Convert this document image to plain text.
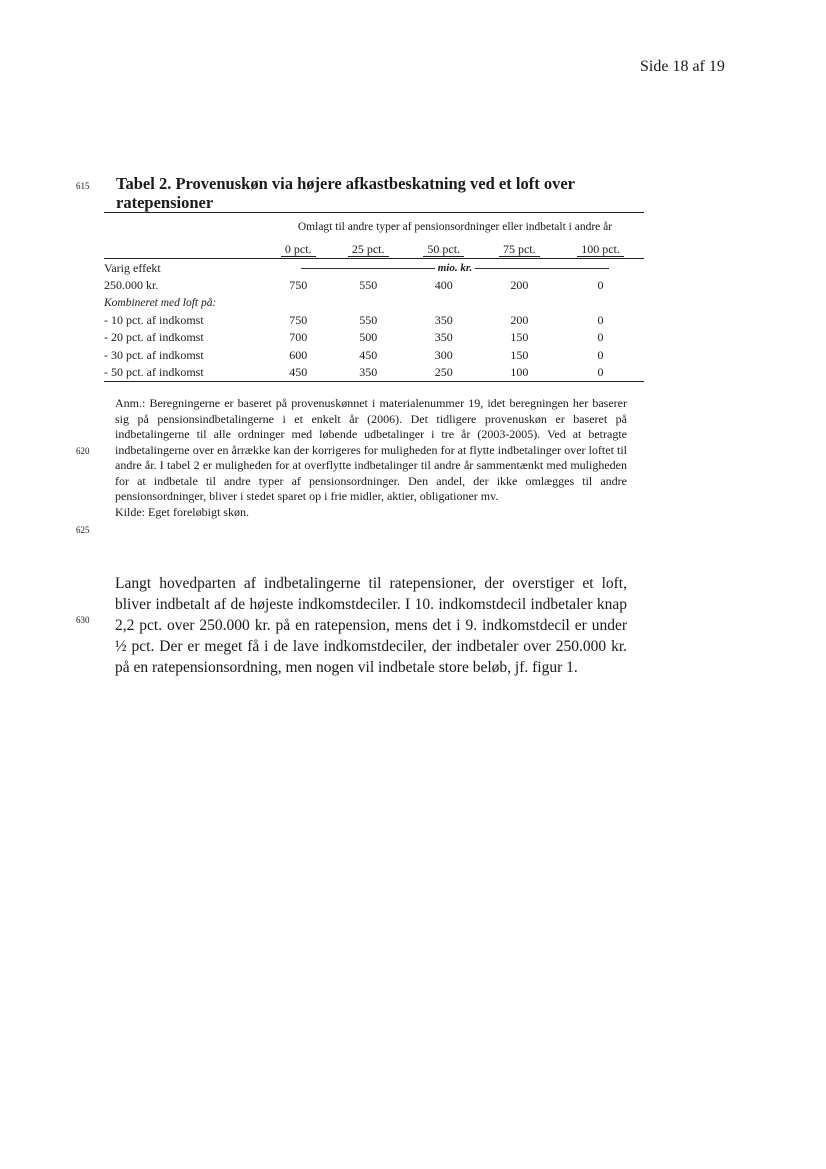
Side 18 af 19
615
620
625
630
Tabel 2. Provenuskøn via højere afkastbeskatning ved et loft over ratepensioner
	Omlagt til andre typer af pensionsordninger eller indbetalt i andre år				
	0 pct.	25 pct.	50 pct.	75 pct.	100 pct.
Varig effekt	mio. kr.				
250.000 kr.	750	550	400	200	0
Kombineret med loft på:					
- 10 pct. af indkomst	750	550	350	200	0
- 20 pct. af indkomst	700	500	350	150	0
- 30 pct. af indkomst	600	450	300	150	0
- 50 pct. af indkomst	450	350	250	100	0

Anm.: Beregningerne er baseret på provenuskønnet i materialenummer 19, idet beregningen her baserer sig på pensionsindbetalingerne i et enkelt år (2006). Det tidligere provenuskøn er baseret på indbetalingerne til alle ordninger med løbende udbetalinger i tre år (2003-2005). Ved at betragte indbetalingerne over en årrække kan der korrigeres for muligheden for at flytte indbetalinger over loftet til andre år. I tabel 2 er muligheden for at overflytte indbetalinger til andre år sammentænkt med muligheden for at indbetale til andre typer af pensionsordninger. Den andel, der ikke omlægges til andre pensionsordninger, bliver i stedet sparet op i frie midler, aktier, obligationer mv.

Kilde: Eget foreløbigt skøn.

Langt hovedparten af indbetalingerne til ratepensioner, der overstiger et loft, bliver indbetalt af de højeste indkomstdeciler. I 10. indkomstdecil indbetaler knap 2,2 pct. over 250.000 kr. på en ratepension, mens det i 9. indkomstdecil er under ½ pct. Der er meget få i de lave indkomstdeciler, der indbetaler over 250.000 kr. på en ratepensionsordning, men nogen vil indbetale store beløb, jf. figur 1.
